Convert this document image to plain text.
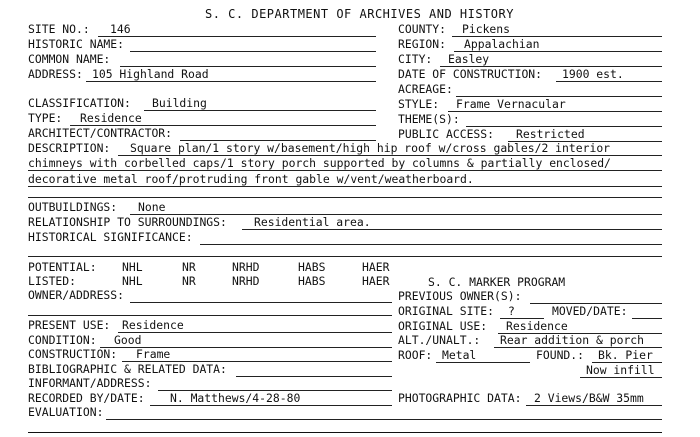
S. C. DEPARTMENT OF ARCHIVES AND HISTORY
SITE NO.: 146
HISTORIC NAME:
COMMON NAME:
ADDRESS: 105 Highland Road
CLASSIFICATION: Building
TYPE: Residence
ARCHITECT/CONTRACTOR:
COUNTY: Pickens
REGION: Appalachian
CITY: Easley
DATE OF CONSTRUCTION: 1900 est.
ACREAGE:
STYLE: Frame Vernacular
THEME(S):
PUBLIC ACCESS: Restricted
DESCRIPTION: Square plan/1 story w/basement/high hip roof w/cross gables/2 interior
chimneys with corbelled caps/1 story porch supported by columns & partially enclosed/
decorative metal roof/protruding front gable w/vent/weatherboard.
OUTBUILDINGS: None
RELATIONSHIP TO SURROUNDINGS: Residential area.
HISTORICAL SIGNIFICANCE:
POTENTIAL: NHL	NR	NRHD	HABS	HAER
LISTED:	NHL	NR	NRHD	HABS	HAER
OWNER/ADDRESS:
S. C. MARKER PROGRAM
PREVIOUS OWNER(S):
ORIGINAL SITE: ?	MOVED/DATE:
PRESENT USE: Residence
CONDITION: Good
CONSTRUCTION: Frame
BIBLIOGRAPHIC & RELATED DATA:
INFORMANT/ADDRESS:
ORIGINAL USE: Residence
ALT./UNALT.: Rear addition & porch
ROOF: Metal	FOUND.: Bk. Pier
Now infill
RECORDED BY/DATE: N. Matthews/4-28-80	PHOTOGRAPHIC DATA: 2 Views/B&W 35mm
EVALUATION:
